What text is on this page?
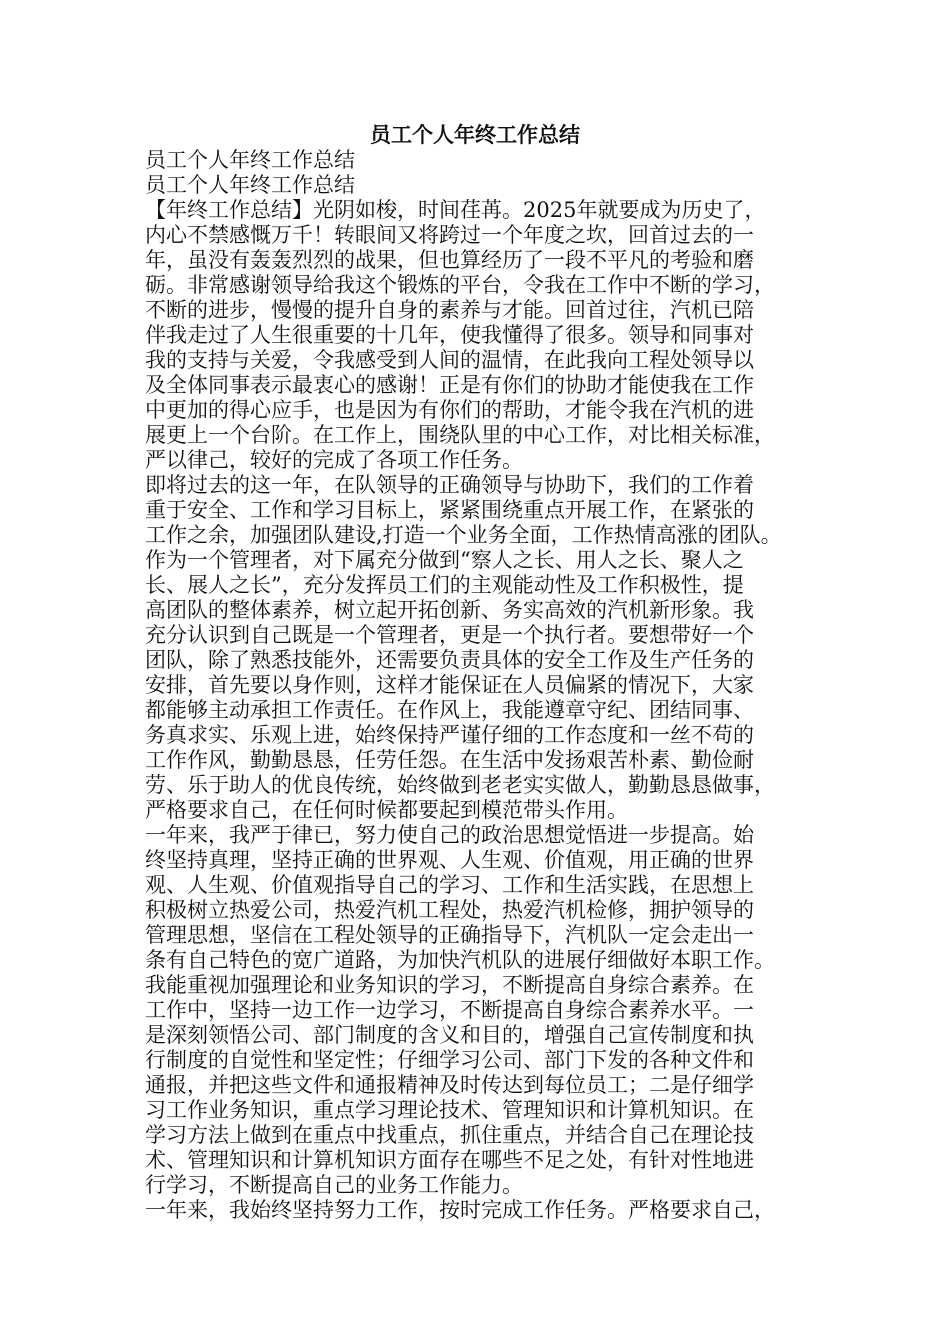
员工个人年终工作总结
员工个人年终工作总结
员工个人年终工作总结
【年终工作总结】光阴如梭，时间荏苒。2025年就要成为历史了，
内心不禁感慨万千！转眼间又将跨过一个年度之坎，回首过去的一
年，虽没有轰轰烈烈的战果，但也算经历了一段不平凡的考验和磨
砺。非常感谢领导给我这个锻炼的平台，令我在工作中不断的学习，
不断的进步，慢慢的提升自身的素养与才能。回首过往，汽机已陪
伴我走过了人生很重要的十几年，使我懂得了很多。领导和同事对
我的支持与关爱，令我感受到人间的温情，在此我向工程处领导以
及全体同事表示最衷心的感谢！正是有你们的协助才能使我在工作
中更加的得心应手，也是因为有你们的帮助，才能令我在汽机的进
展更上一个台阶。在工作上，围绕队里的中心工作，对比相关标准，
严以律己，较好的完成了各项工作任务。
即将过去的这一年，在队领导的正确领导与协助下，我们的工作着
重于安全、工作和学习目标上，紧紧围绕重点开展工作，在紧张的
工作之余，加强团队建设,打造一个业务全面，工作热情高涨的团队。
作为一个管理者，对下属充分做到“察人之长、用人之长、聚人之
长、展人之长”，充分发挥员工们的主观能动性及工作积极性，提
高团队的整体素养，树立起开拓创新、务实高效的汽机新形象。我
充分认识到自己既是一个管理者，更是一个执行者。要想带好一个
团队，除了熟悉技能外，还需要负责具体的安全工作及生产任务的
安排，首先要以身作则，这样才能保证在人员偏紧的情况下，大家
都能够主动承担工作责任。在作风上，我能遵章守纪、团结同事、
务真求实、乐观上进，始终保持严谨仔细的工作态度和一丝不苟的
工作作风，勤勤恳恳，任劳任怨。在生活中发扬艰苦朴素、勤俭耐
劳、乐于助人的优良传统，始终做到老老实实做人，勤勤恳恳做事，
严格要求自己，在任何时候都要起到模范带头作用。
一年来，我严于律已，努力使自己的政治思想觉悟进一步提高。始
终坚持真理，坚持正确的世界观、人生观、价值观，用正确的世界
观、人生观、价值观指导自己的学习、工作和生活实践，在思想上
积极树立热爱公司，热爱汽机工程处，热爱汽机检修，拥护领导的
管理思想，坚信在工程处领导的正确指导下，汽机队一定会走出一
条有自己特色的宽广道路，为加快汽机队的进展仔细做好本职工作。
我能重视加强理论和业务知识的学习，不断提高自身综合素养。在
工作中，坚持一边工作一边学习，不断提高自身综合素养水平。一
是深刻领悟公司、部门制度的含义和目的，增强自己宣传制度和执
行制度的自觉性和坚定性；仔细学习公司、部门下发的各种文件和
通报，并把这些文件和通报精神及时传达到每位员工；二是仔细学
习工作业务知识，重点学习理论技术、管理知识和计算机知识。在
学习方法上做到在重点中找重点，抓住重点，并结合自己在理论技
术、管理知识和计算机知识方面存在哪些不足之处，有针对性地进
行学习，不断提高自己的业务工作能力。
一年来，我始终坚持努力工作，按时完成工作任务。严格要求自己，
